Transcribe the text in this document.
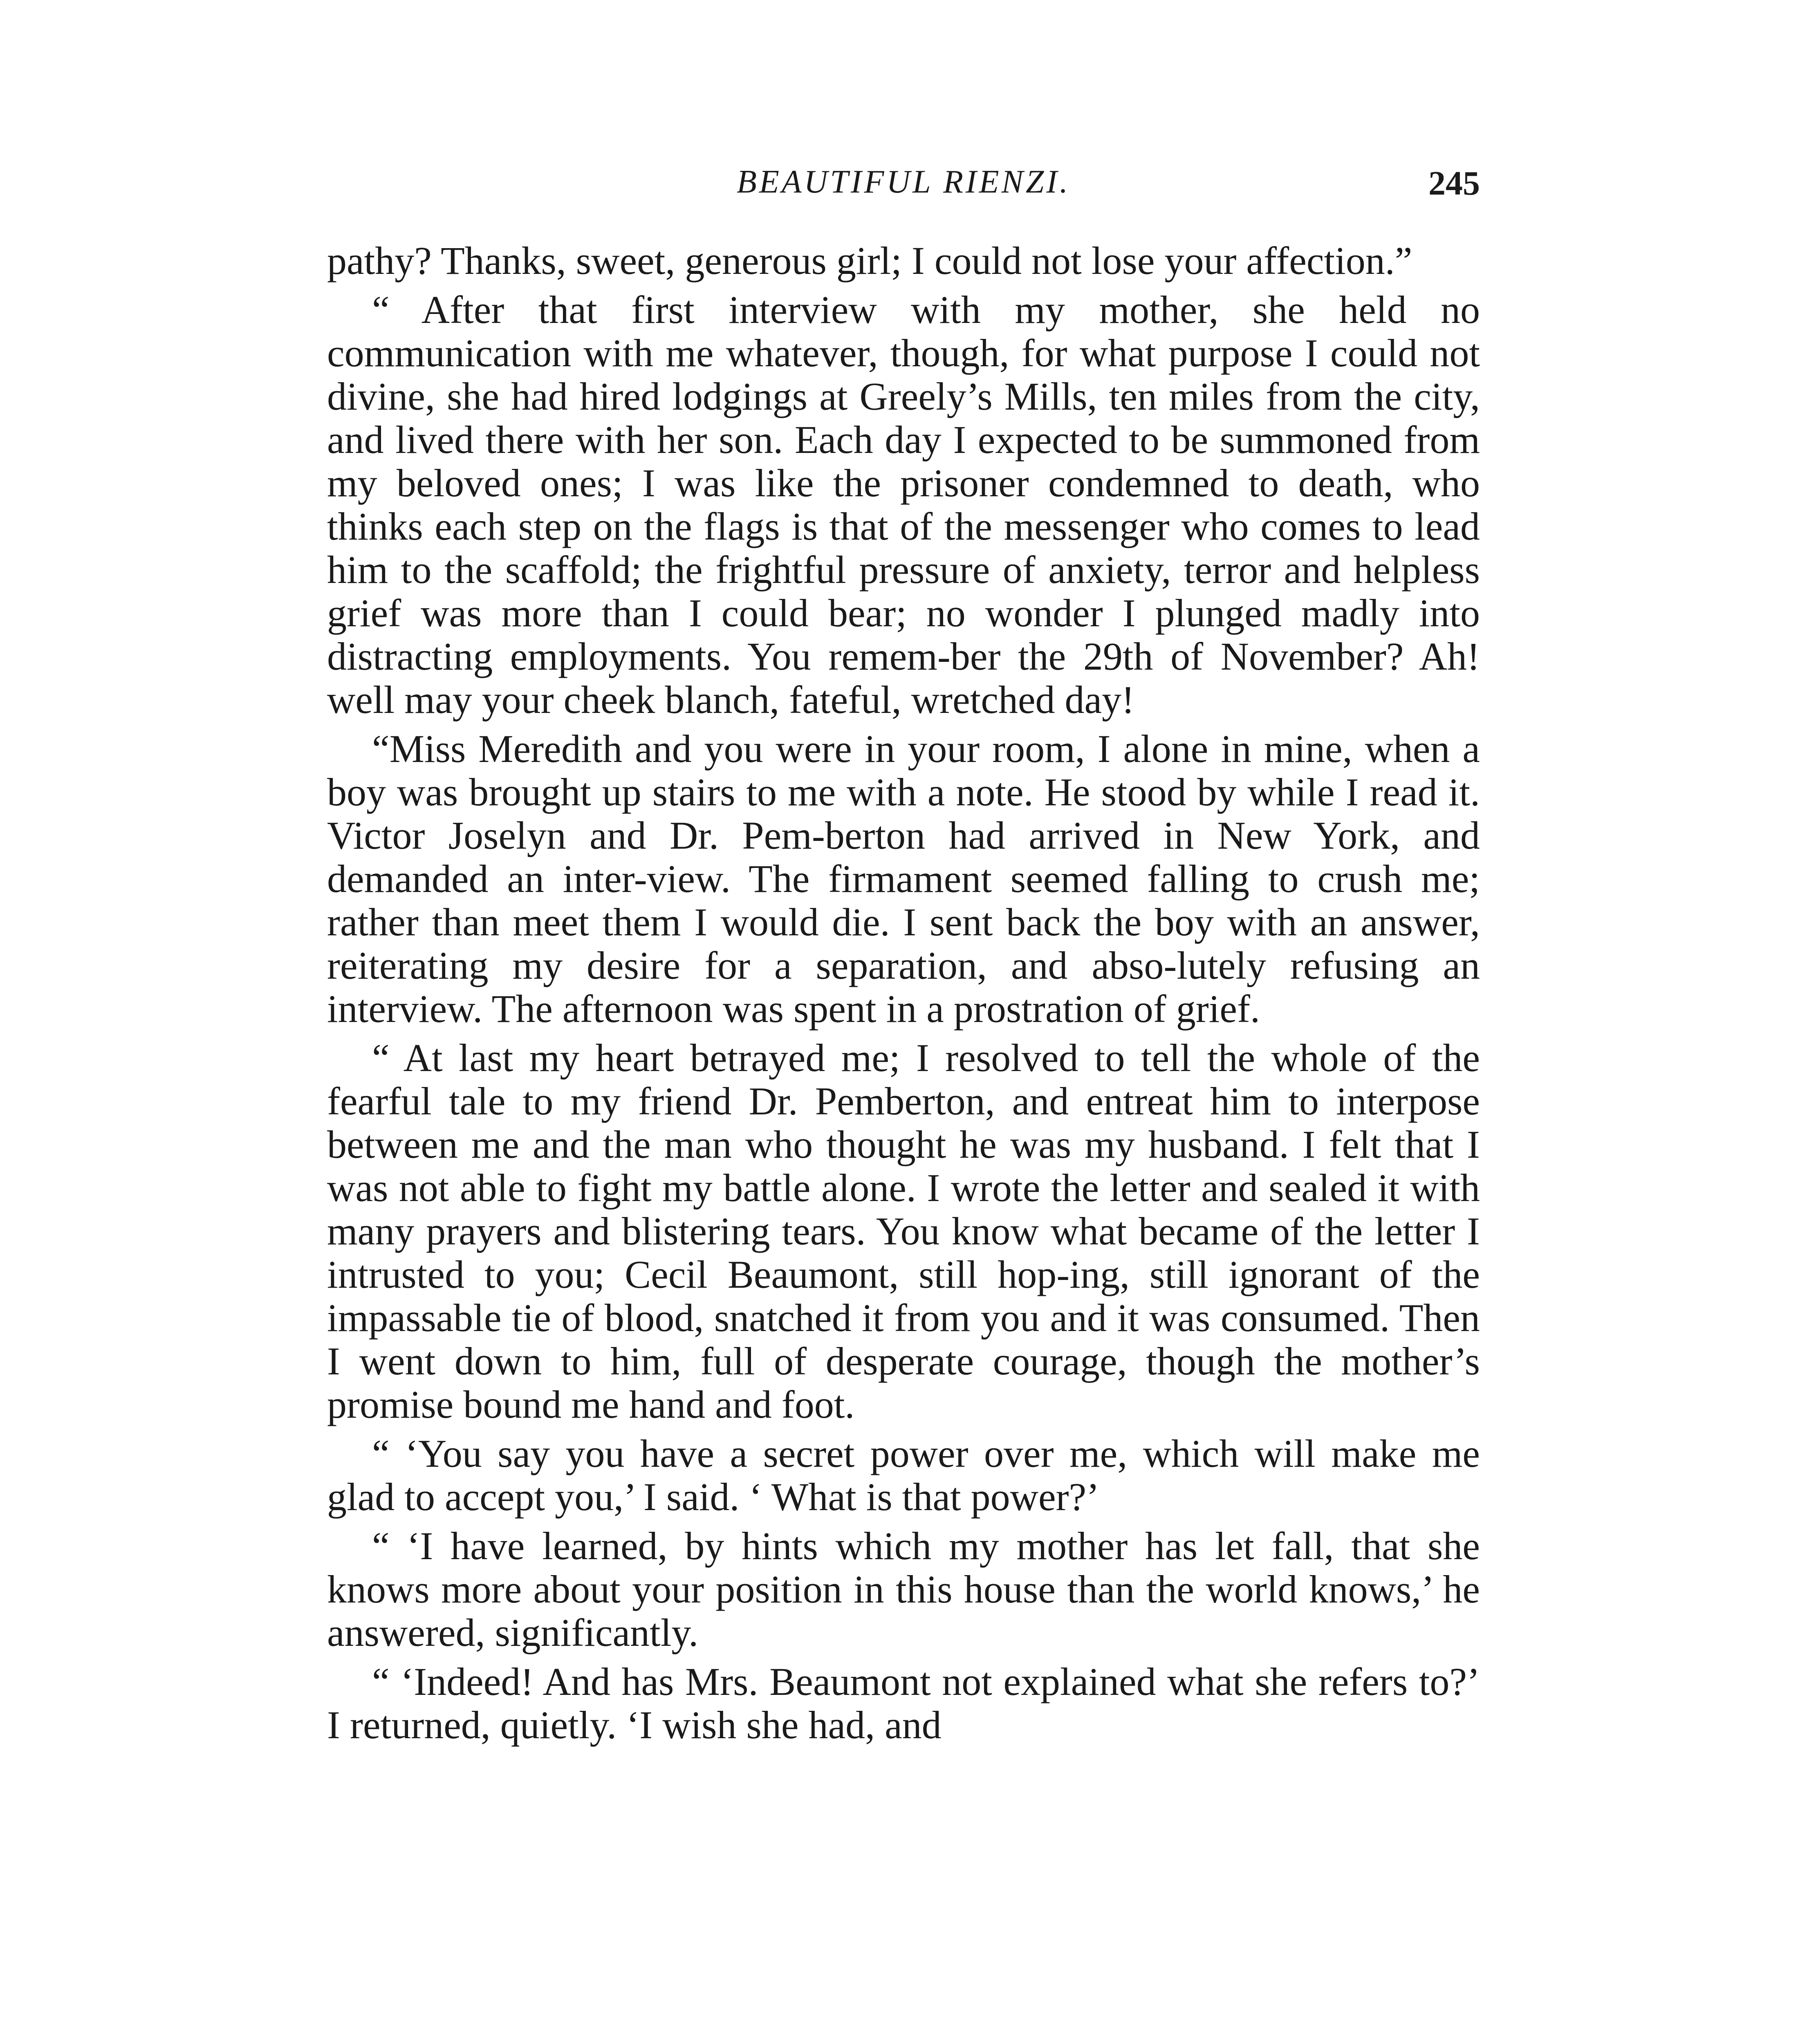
BEAUTIFUL RIENZI.	245

pathy? Thanks, sweet, generous girl; I could not lose your affection.”

“ After that first interview with my mother, she held no communication with me whatever, though, for what purpose I could not divine, she had hired lodgings at Greely’s Mills, ten miles from the city, and lived there with her son. Each day I expected to be summoned from my beloved ones; I was like the prisoner condemned to death, who thinks each step on the flags is that of the messenger who comes to lead him to the scaffold; the frightful pressure of anxiety, terror and helpless grief was more than I could bear; no wonder I plunged madly into distracting employments. You remem-ber the 29th of November? Ah! well may your cheek blanch, fateful, wretched day!

“Miss Meredith and you were in your room, I alone in mine, when a boy was brought up stairs to me with a note. He stood by while I read it. Victor Joselyn and Dr. Pem-berton had arrived in New York, and demanded an inter-view. The firmament seemed falling to crush me; rather than meet them I would die. I sent back the boy with an answer, reiterating my desire for a separation, and abso-lutely refusing an interview. The afternoon was spent in a prostration of grief.

“ At last my heart betrayed me; I resolved to tell the whole of the fearful tale to my friend Dr. Pemberton, and entreat him to interpose between me and the man who thought he was my husband. I felt that I was not able to fight my battle alone. I wrote the letter and sealed it with many prayers and blistering tears. You know what became of the letter I intrusted to you; Cecil Beaumont, still hop-ing, still ignorant of the impassable tie of blood, snatched it from you and it was consumed. Then I went down to him, full of desperate courage, though the mother’s promise bound me hand and foot.

“ ‘You say you have a secret power over me, which will make me glad to accept you,’ I said. ‘ What is that power?’

“ ‘I have learned, by hints which my mother has let fall, that she knows more about your position in this house than the world knows,’ he answered, significantly.

“ ‘Indeed! And has Mrs. Beaumont not explained what she refers to?’ I returned, quietly. ‘I wish she had, and
